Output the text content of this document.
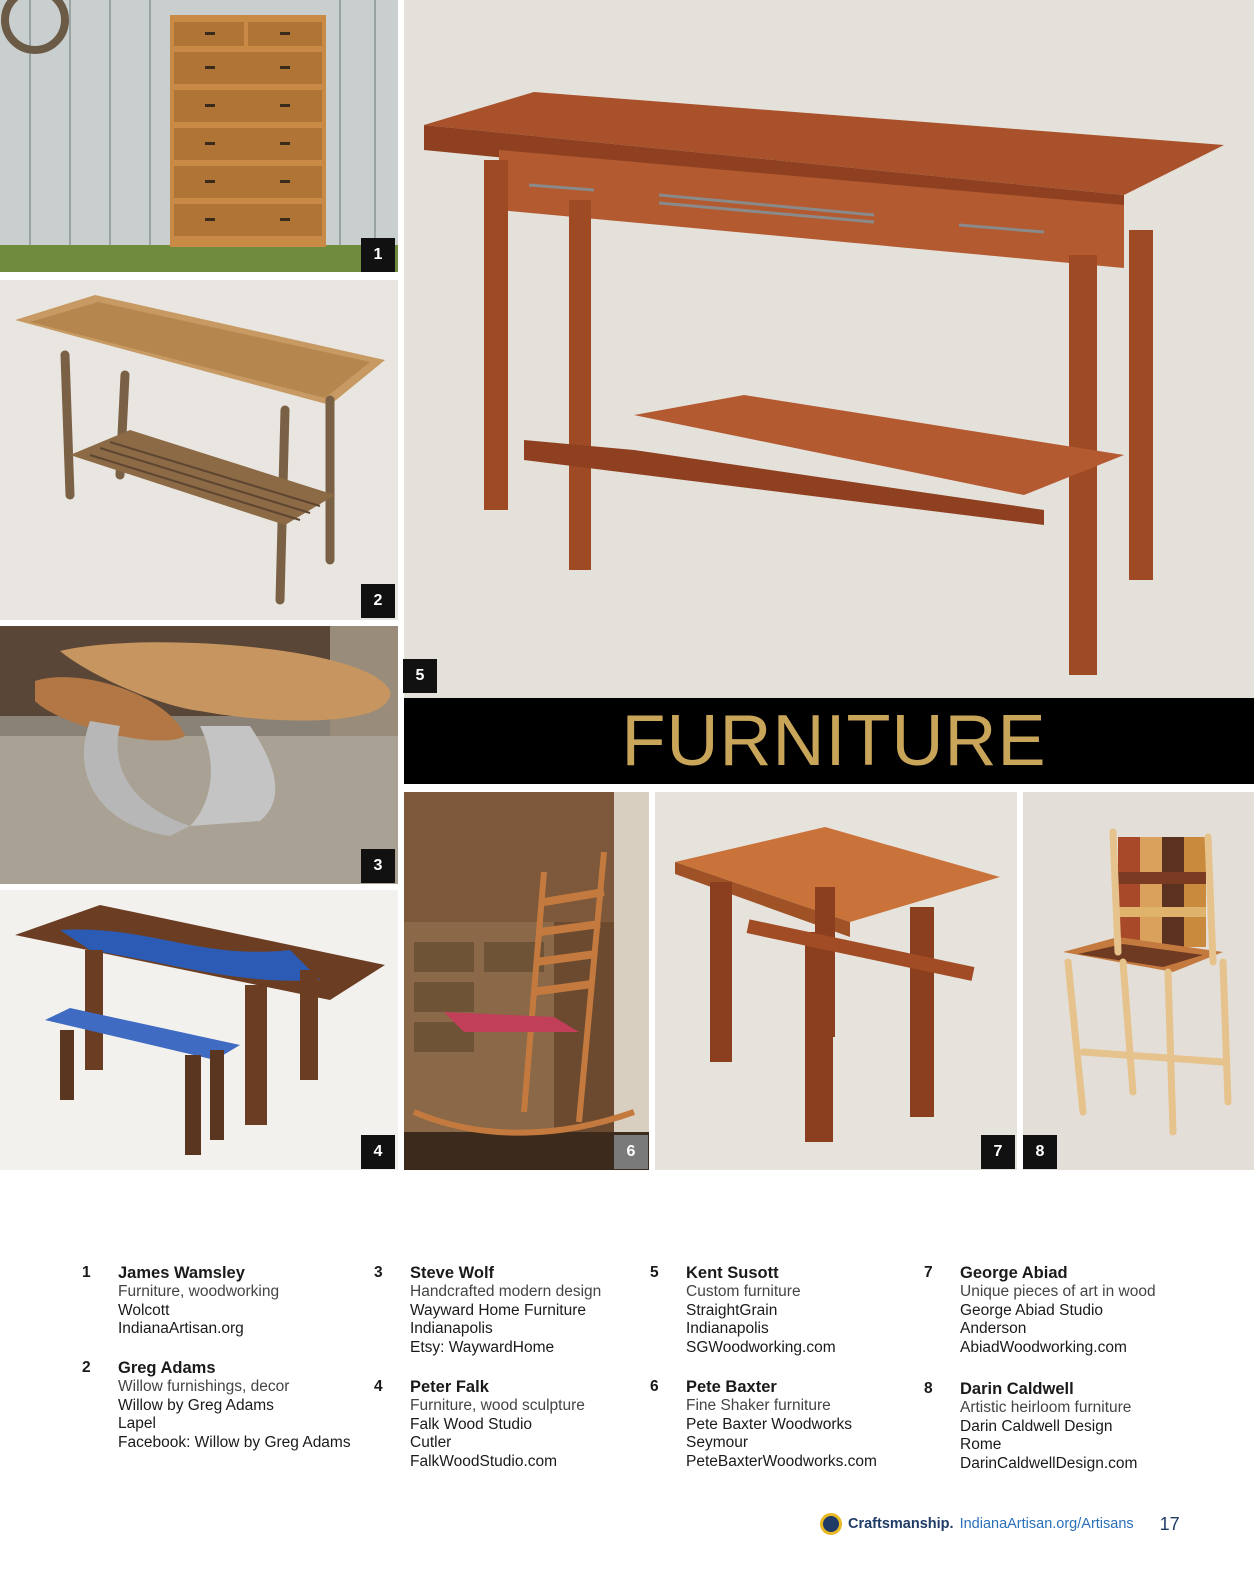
1
2
3
4
5
FURNITURE
6	7	8
1 James Wamsley
Furniture, woodworking
Wolcott
IndianaArtisan.org
2 Greg Adams
Willow furnishings, decor
Willow by Greg Adams
Lapel
Facebook: Willow by Greg Adams
3 Steve Wolf
Handcrafted modern design
Wayward Home Furniture
Indianapolis
Etsy: WaywardHome
4 Peter Falk
Furniture, wood sculpture
Falk Wood Studio
Cutler
FalkWoodStudio.com
5 Kent Susott
Custom furniture
StraightGrain
Indianapolis
SGWoodworking.com
6 Pete Baxter
Fine Shaker furniture
Pete Baxter Woodworks
Seymour
PeteBaxterWoodworks.com
7 George Abiad
Unique pieces of art in wood
George Abiad Studio
Anderson
AbiadWoodworking.com
8 Darin Caldwell
Artistic heirloom furniture
Darin Caldwell Design
Rome
DarinCaldwellDesign.com
Craftsmanship. IndianaArtisan.org/Artisans 17
